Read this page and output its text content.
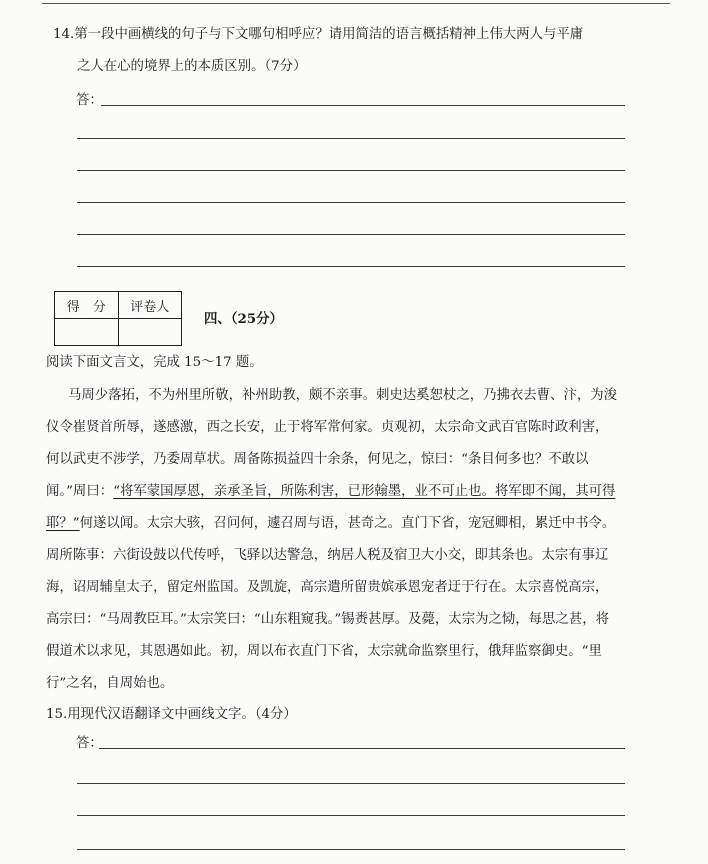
14.第一段中画横线的句子与下文哪句相呼应？请用简洁的语言概括精神上伟大两人与平庸
之人在心的境界上的本质区别。（7分）
答：
得　分	评卷人

四、（25分）
阅读下面文言文，完成 15～17 题。
马周少落拓，不为州里所敬，补州助教，颇不亲事。刺史达奚恕杖之，乃拂衣去曹、汴，为浚
仪令崔贤首所辱，遂感激，西之长安，止于将军常何家。贞观初，太宗命文武百官陈时政利害，
何以武吏不涉学，乃委周草状。周备陈损益四十余条，何见之，惊曰：“条目何多也？不敢以
闻。”周曰：“将军蒙国厚恩，亲承圣旨，所陈利害，已形翰墨，业不可止也。将军即不闻，其可得
耶？”何遂以闻。太宗大骇，召问何，遽召周与语，甚奇之。直门下省，宠冠卿相，累迁中书令。
周所陈事：六街设鼓以代传呼，飞驿以达警急，纳居人税及宿卫大小交，即其条也。太宗有事辽
海，诏周辅皇太子，留定州监国。及凯旋，高宗遣所留贵嫔承恩宠者迂于行在。太宗喜悦高宗，
高宗曰：“马周教臣耳。”太宗笑曰：“山东粗窥我。”锡赉甚厚。及薨，太宗为之恸，每思之甚，将
假道术以求见，其恩遇如此。初，周以布衣直门下省，太宗就命监察里行，俄拜监察御史。“里
行”之名，自周始也。
15.用现代汉语翻译文中画线文字。（4分）
答：
